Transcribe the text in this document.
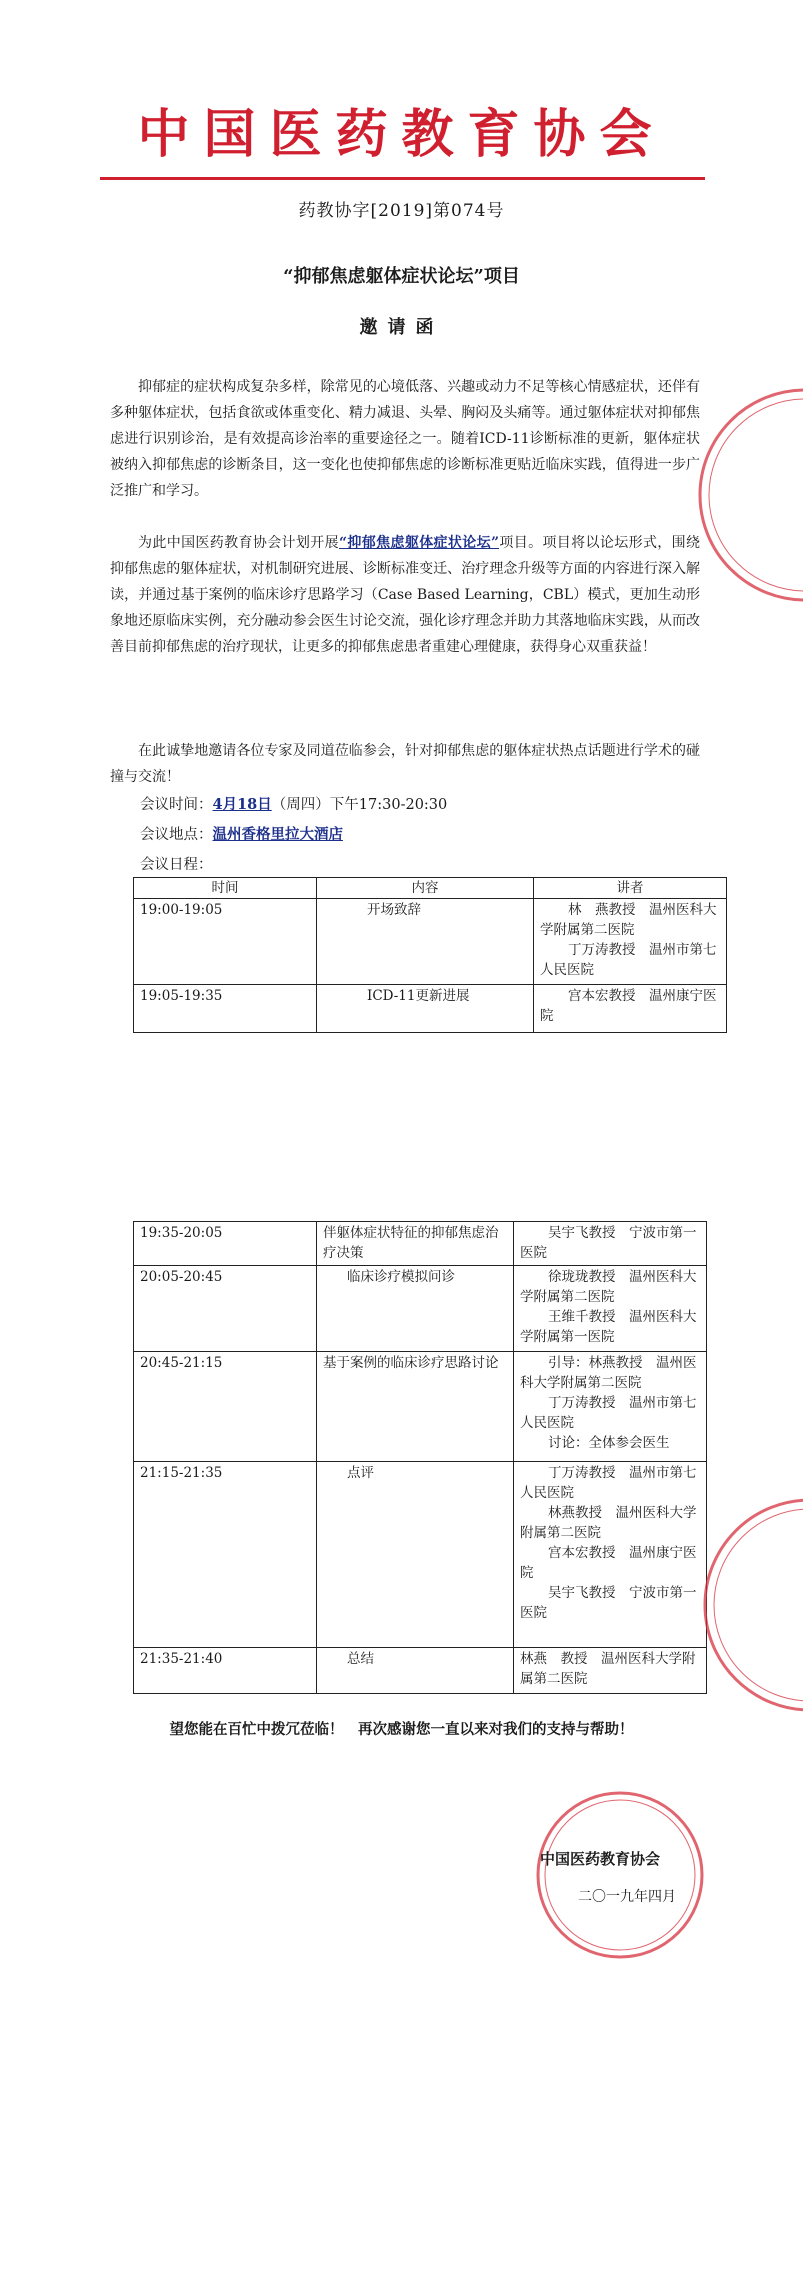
中国医药教育协会
药教协字[2019]第074号
“抑郁焦虑躯体症状论坛”项目
邀请函
抑郁症的症状构成复杂多样，除常见的心境低落、兴趣或动力不足等核心情感症状，还伴有多种躯体症状，包括食欲或体重变化、精力减退、头晕、胸闷及头痛等。通过躯体症状对抑郁焦虑进行识别诊治，是有效提高诊治率的重要途径之一。随着ICD-11诊断标准的更新，躯体症状被纳入抑郁焦虑的诊断条目，这一变化也使抑郁焦虑的诊断标准更贴近临床实践，值得进一步广泛推广和学习。
为此中国医药教育协会计划开展“抑郁焦虑躯体症状论坛”项目。项目将以论坛形式，围绕抑郁焦虑的躯体症状，对机制研究进展、诊断标准变迁、治疗理念升级等方面的内容进行深入解读，并通过基于案例的临床诊疗思路学习（Case Based Learning，CBL）模式，更加生动形象地还原临床实例，充分融动参会医生讨论交流，强化诊疗理念并助力其落地临床实践，从而改善目前抑郁焦虑的治疗现状，让更多的抑郁焦虑患者重建心理健康，获得身心双重获益！
在此诚挚地邀请各位专家及同道莅临参会，针对抑郁焦虑的躯体症状热点话题进行学术的碰撞与交流！
会议时间：4月18日（周四）下午17:30-20:30
会议地点：温州香格里拉大酒店
会议日程：
时间	内容	讲者
19:00-19:05	开场致辞	林　燕教授　温州医科大学附属第二医院
丁万涛教授　温州市第七人民医院

19:05-19:35	ICD-11更新进展	宫本宏教授　温州康宁医院
药
国
19:35-20:05	伴躯体症状特征的抑郁焦虑治疗决策	吴宇飞教授　宁波市第一医院

20:05-20:45	临床诊疗模拟问诊	徐珑珑教授　温州医科大学附属第二医院
王维千教授　温州医科大学附属第一医院

20:45-21:15	基于案例的临床诊疗思路讨论	引导：林燕教授　温州医科大学附属第二医院
丁万涛教授　温州市第七人民医院
讨论：全体参会医生

21:15-21:35	点评	丁万涛教授　温州市第七人民医院
林燕教授　温州医科大学附属第二医院
宫本宏教授　温州康宁医院
吴宇飞教授　宁波市第一医院

21:35-21:40	总结	林燕　教授　温州医科大学附属第二医院
教 育
协
望您能在百忙中拨冗莅临！　再次感谢您一直以来对我们的支持与帮助！
药 教
医	协
中国医药教育协会
二〇一九年四月
